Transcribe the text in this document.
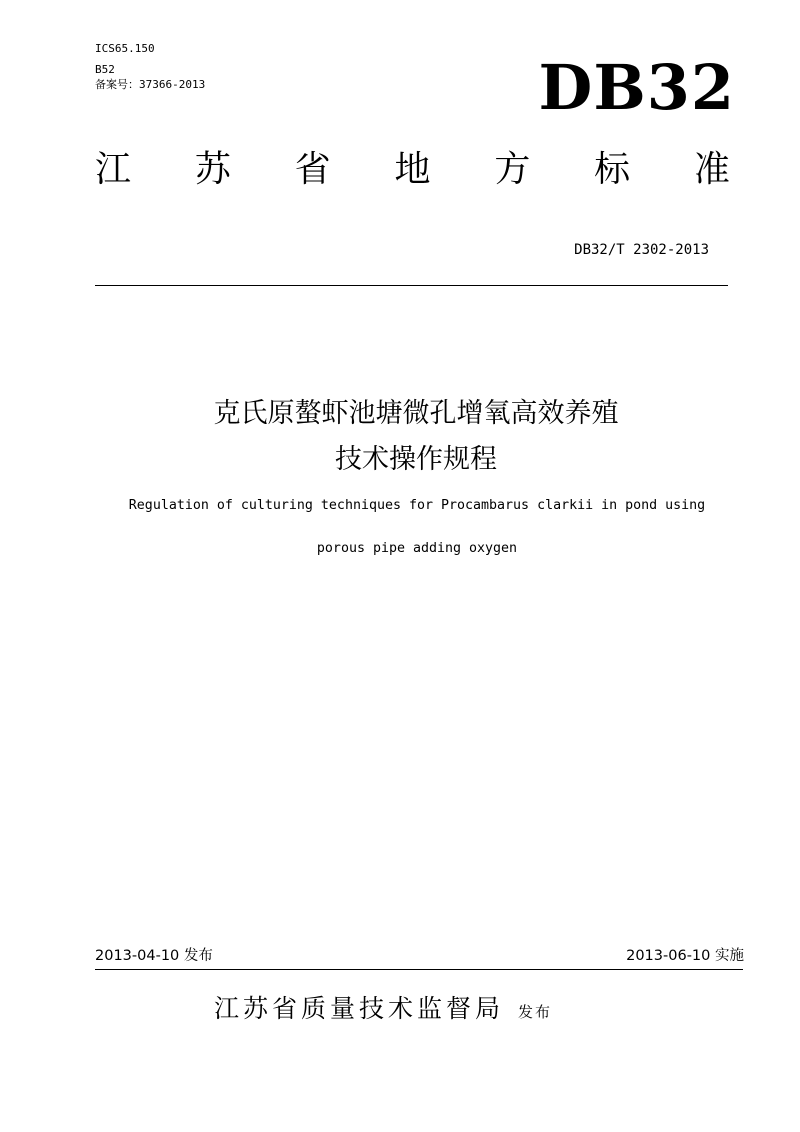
ICS65.150
B52
备案号：37366-2013	DB32
江 苏 省 地 方 标 准
DB32/T 2302-2013
克氏原螯虾池塘微孔增氧高效养殖
技术操作规程
Regulation of culturing techniques for Procambarus clarkii in pond using
porous pipe adding oxygen
2013-04-10 发布	2013-06-10 实施
江苏省质量技术监督局 发布
